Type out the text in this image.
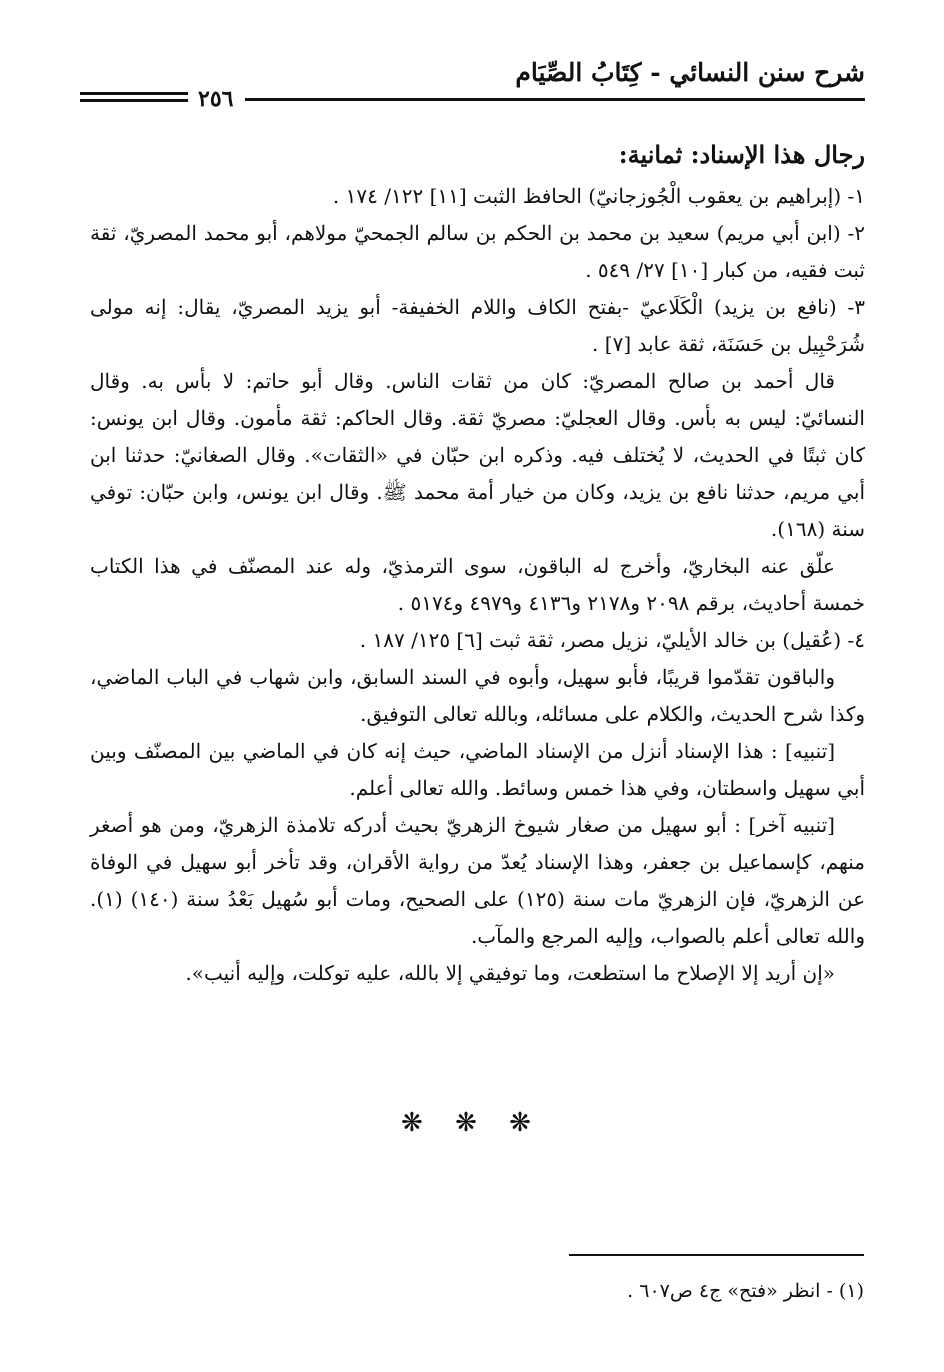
شرح سنن النسائي - كِتَابُ الصِّيَام
٢٥٦

رجال هذا الإسناد: ثمانية:

١- (إبراهيم بن يعقوب الْجُوزجانيّ) الحافظ الثبت [١١] ١٢٢/ ١٧٤ .

٢- (ابن أبي مريم) سعيد بن محمد بن الحكم بن سالم الجمحيّ مولاهم، أبو محمد المصريّ، ثقة ثبت فقيه، من كبار [١٠] ٢٧/ ٥٤٩ .

٣- (نافع بن يزيد) الْكَلَاعيّ -بفتح الكاف واللام الخفيفة- أبو يزيد المصريّ، يقال: إنه مولى شُرَحْبِيل بن حَسَنَة، ثقة عابد [٧] .

قال أحمد بن صالح المصريّ: كان من ثقات الناس. وقال أبو حاتم: لا بأس به. وقال النسائيّ: ليس به بأس. وقال العجليّ: مصريّ ثقة. وقال الحاكم: ثقة مأمون. وقال ابن يونس: كان ثبتًا في الحديث، لا يُختلف فيه. وذكره ابن حبّان في «الثقات». وقال الصغانيّ: حدثنا ابن أبي مريم، حدثنا نافع بن يزيد، وكان من خيار أمة محمد ﷺ. وقال ابن يونس، وابن حبّان: توفي سنة (١٦٨).

علّق عنه البخاريّ، وأخرج له الباقون، سوى الترمذيّ، وله عند المصنّف في هذا الكتاب خمسة أحاديث، برقم ٢٠٩٨ و٢١٧٨ و٤١٣٦ و٤٩٧٩ و٥١٧٤ .

٤- (عُقيل) بن خالد الأيليّ، نزيل مصر، ثقة ثبت [٦] ١٢٥/ ١٨٧ .

والباقون تقدّموا قريبًا، فأبو سهيل، وأبوه في السند السابق، وابن شهاب في الباب الماضي، وكذا شرح الحديث، والكلام على مسائله، وبالله تعالى التوفيق.

[تنبيه] : هذا الإسناد أنزل من الإسناد الماضي، حيث إنه كان في الماضي بين المصنّف وبين أبي سهيل واسطتان، وفي هذا خمس وسائط. والله تعالى أعلم.

[تنبيه آخر] : أبو سهيل من صغار شيوخ الزهريّ بحيث أدركه تلامذة الزهريّ، ومن هو أصغر منهم، كإسماعيل بن جعفر، وهذا الإسناد يُعدّ من رواية الأقران، وقد تأخر أبو سهيل في الوفاة عن الزهريّ، فإن الزهريّ مات سنة (١٢٥) على الصحيح، ومات أبو سُهيل بَعْدُ سنة (١٤٠) (١). والله تعالى أعلم بالصواب، وإليه المرجع والمآب.

«إن أريد إلا الإصلاح ما استطعت، وما توفيقي إلا بالله، عليه توكلت، وإليه أنيب».

❋ ❋ ❋
(١) - انظر «فتح» ج٤ ص٦٠٧ .
